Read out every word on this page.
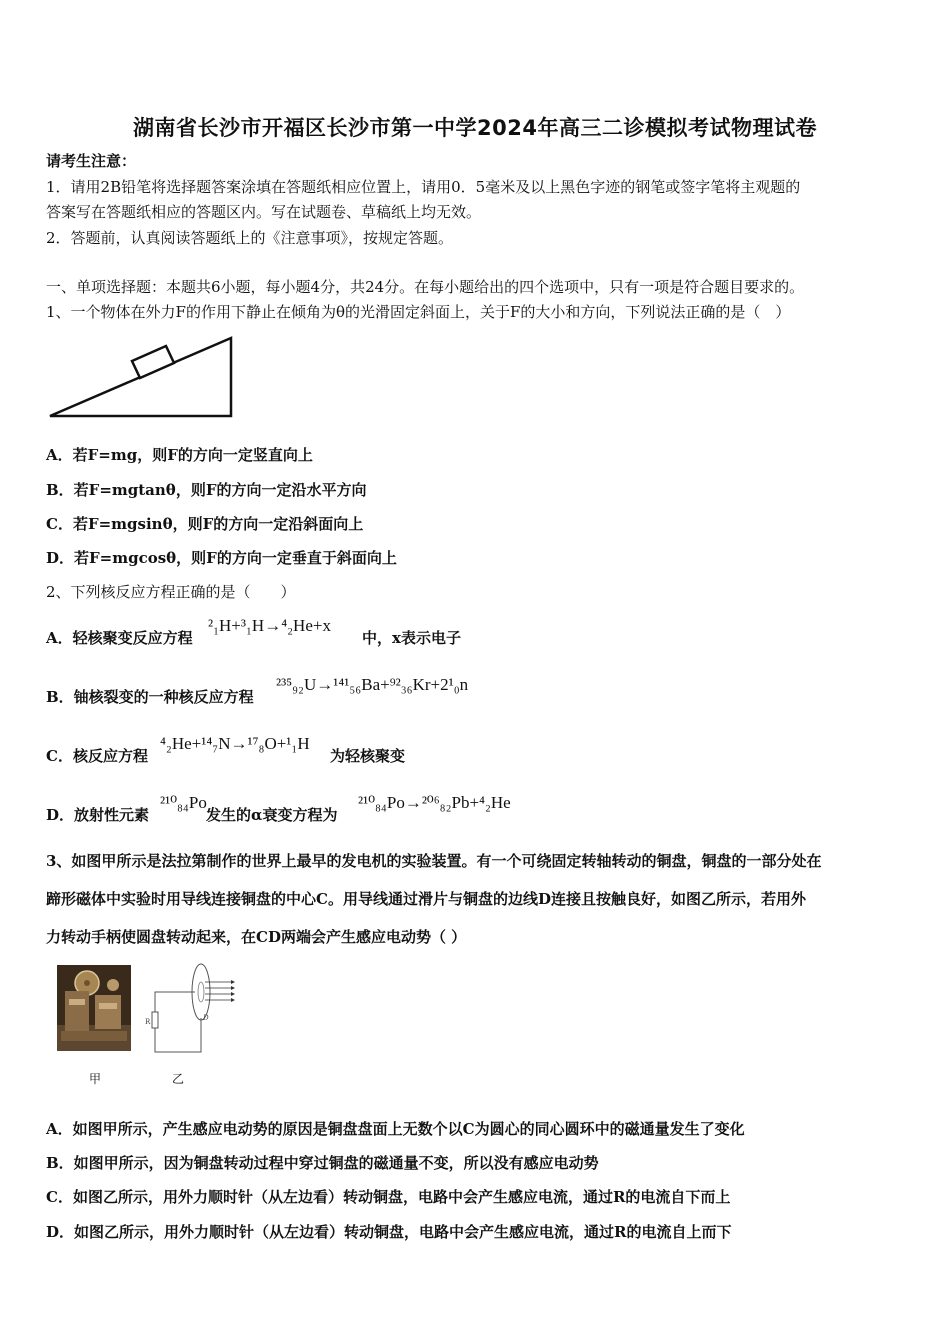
湖南省长沙市开福区长沙市第一中学2024年高三二诊模拟考试物理试卷
请考生注意：
1．请用2B铅笔将选择题答案涂填在答题纸相应位置上，请用0．5毫米及以上黑色字迹的钢笔或签字笔将主观题的
答案写在答题纸相应的答题区内。写在试题卷、草稿纸上均无效。
2．答题前，认真阅读答题纸上的《注意事项》，按规定答题。
一、单项选择题：本题共6小题，每小题4分，共24分。在每小题给出的四个选项中，只有一项是符合题目要求的。
1、一个物体在外力F的作用下静止在倾角为θ的光滑固定斜面上，关于F的大小和方向，下列说法正确的是（　）
A．若F=mg，则F的方向一定竖直向上
B．若F=mgtanθ，则F的方向一定沿水平方向
C．若F=mgsinθ，则F的方向一定沿斜面向上
D．若F=mgcosθ，则F的方向一定垂直于斜面向上
2、下列核反应方程正确的是（　　）
A．轻核聚变反应方程
²₁H+³₁H→⁴₂He+x
中，x表示电子
B．铀核裂变的一种核反应方程
²³⁵₉₂U→¹⁴¹₅₆Ba+⁹²₃₆Kr+2¹₀n
C．核反应方程
⁴₂He+¹⁴₇N→¹⁷₈O+¹₁H
为轻核聚变
D．放射性元素
²¹⁰₈₄Po
发生的α衰变方程为
²¹⁰₈₄Po→²⁰⁶₈₂Pb+⁴₂He
3、如图甲所示是法拉第制作的世界上最早的发电机的实验装置。有一个可绕固定转轴转动的铜盘，铜盘的一部分处在
蹄形磁体中实验时用导线连接铜盘的中心C。用导线通过滑片与铜盘的边线D连接且按触良好，如图乙所示，若用外
力转动手柄使圆盘转动起来，在CD两端会产生感应电动势（ ）
R	D
甲	乙
A．如图甲所示，产生感应电动势的原因是铜盘盘面上无数个以C为圆心的同心圆环中的磁通量发生了变化
B．如图甲所示，因为铜盘转动过程中穿过铜盘的磁通量不变，所以没有感应电动势
C．如图乙所示，用外力顺时针（从左边看）转动铜盘，电路中会产生感应电流，通过R的电流自下而上
D．如图乙所示，用外力顺时针（从左边看）转动铜盘，电路中会产生感应电流，通过R的电流自上而下
